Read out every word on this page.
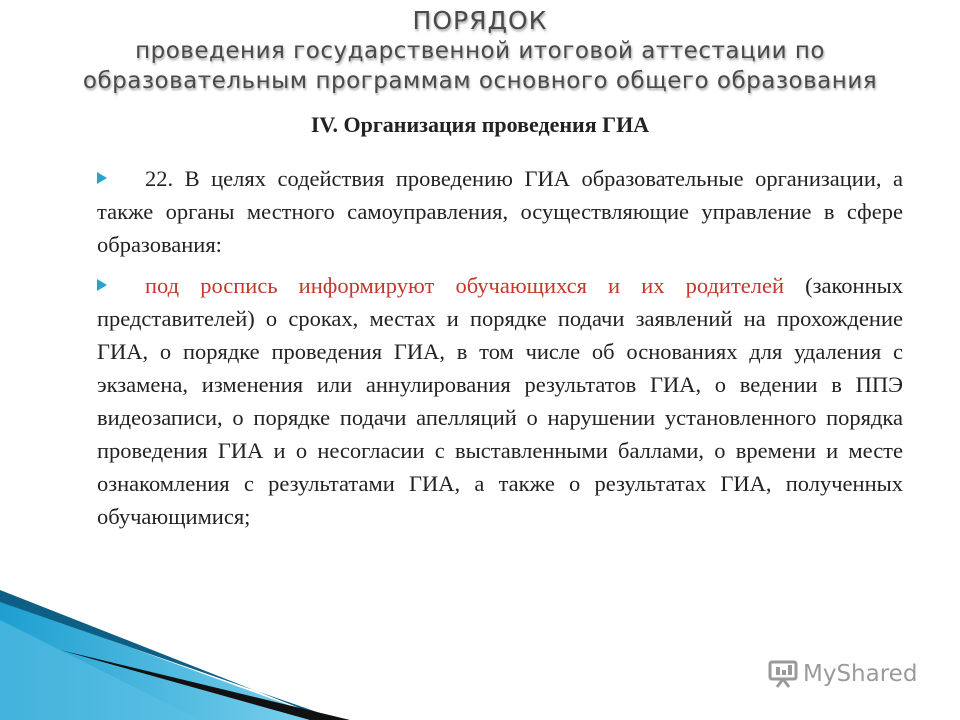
ПОРЯДОК
проведения государственной итоговой аттестации по
образовательным программам основного общего образования
IV. Организация проведения ГИА
22. В целях содействия проведению ГИА образовательные организации, а также органы местного самоуправления, осуществляющие управление в сфере образования:
под роспись информируют обучающихся и их родителей (законных представителей) о сроках, местах и порядке подачи заявлений на прохождение ГИА, о порядке проведения ГИА, в том числе об основаниях для удаления с экзамена, изменения или аннулирования результатов ГИА, о ведении в ППЭ видеозаписи, о порядке подачи апелляций о нарушении установленного порядка проведения ГИА и о несогласии с выставленными баллами, о времени и месте ознакомления с результатами ГИА, а также о результатах ГИА, полученных обучающимися;
MyShared
